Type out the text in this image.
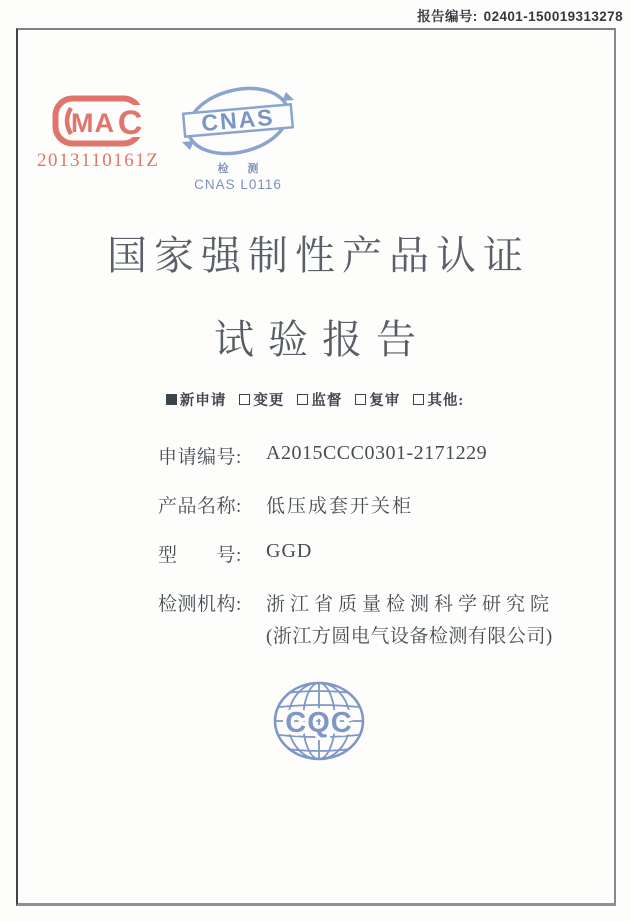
报告编号: 02401-150019313278
MA C
2013110161Z
CNAS
检 测
CNAS L0116
国家强制性产品认证
试验报告
新申请 变更 监督 复审 其他:
申请编号: A2015CCC0301-2171229
产品名称: 低压成套开关柜
型　　号: GGD
检测机构: 浙江省质量检测科学研究院
(浙江方圆电气设备检测有限公司)
CQC
